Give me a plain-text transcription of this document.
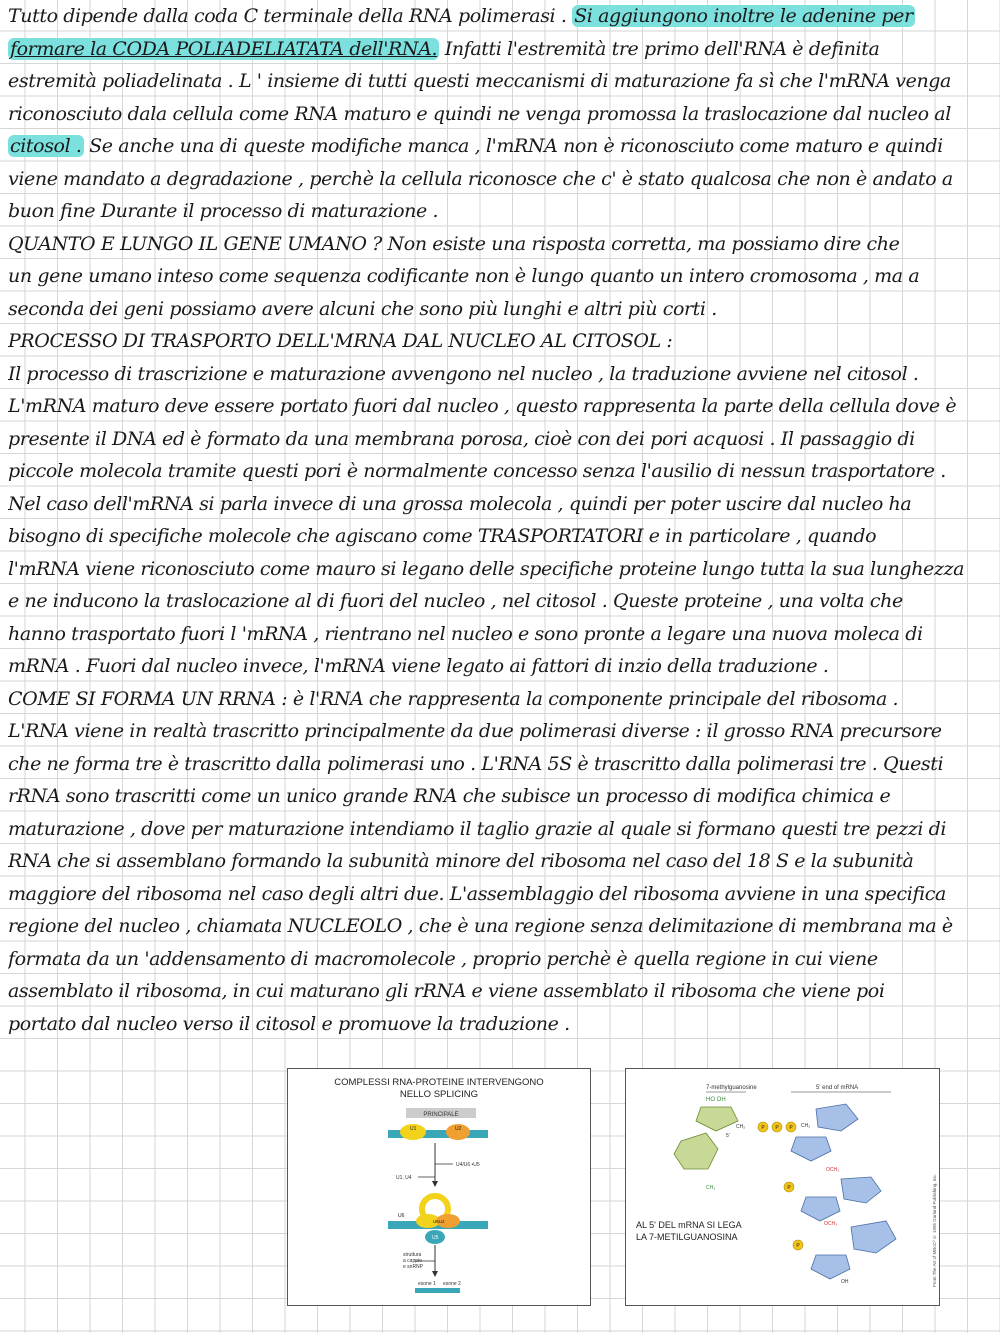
Tutto dipende dalla coda C terminale della RNA polimerasi . Si aggiungono inoltre le adenine per
formare la CODA POLIADELIATATA dell'RNA. Infatti l'estremità tre primo dell'RNA è definita
estremità poliadelinata . L ' insieme di tutti questi meccanismi di maturazione fa sì che l'mRNA venga
riconosciuto dala cellula come RNA maturo e quindi ne venga promossa la traslocazione dal nucleo al
citosol . Se anche una di queste modifiche manca , l'mRNA non è riconosciuto come maturo e quindi
viene mandato a degradazione , perchè la cellula riconosce che c' è stato qualcosa che non è andato a
buon fine Durante il processo di maturazione .
QUANTO E LUNGO IL GENE UMANO ? Non esiste una risposta corretta, ma possiamo dire che
un gene umano inteso come sequenza codificante non è lungo quanto un intero cromosoma , ma a
seconda dei geni possiamo avere alcuni che sono più lunghi e altri più corti .
PROCESSO DI TRASPORTO DELL'MRNA DAL NUCLEO AL CITOSOL :
Il processo di trascrizione e maturazione avvengono nel nucleo , la traduzione avviene nel citosol .
L'mRNA maturo deve essere portato fuori dal nucleo , questo rappresenta la parte della cellula dove è
presente il DNA ed è formato da una membrana porosa, cioè con dei pori acquosi . Il passaggio di
piccole molecola tramite questi pori è normalmente concesso senza l'ausilio di nessun trasportatore .
Nel caso dell'mRNA si parla invece di una grossa molecola , quindi per poter uscire dal nucleo ha
bisogno di specifiche molecole che agiscano come TRASPORTATORI e in particolare , quando
l'mRNA viene riconosciuto come mauro si legano delle specifiche proteine lungo tutta la sua lunghezza
e ne inducono la traslocazione al di fuori del nucleo , nel citosol . Queste proteine , una volta che
hanno trasportato fuori l 'mRNA , rientrano nel nucleo e sono pronte a legare una nuova moleca di
mRNA . Fuori dal nucleo invece, l'mRNA viene legato ai fattori di inzio della traduzione .
COME SI FORMA UN RRNA : è l'RNA che rappresenta la componente principale del ribosoma .
L'RNA viene in realtà trascritto principalmente da due polimerasi diverse : il grosso RNA precursore
che ne forma tre è trascritto dalla polimerasi uno . L'RNA 5S è trascritto dalla polimerasi tre . Questi
rRNA sono trascritti come un unico grande RNA che subisce un processo di modifica chimica e
maturazione , dove per maturazione intendiamo il taglio grazie al quale si formano questi tre pezzi di
RNA che si assemblano formando la subunità minore del ribosoma nel caso del 18 S e la subunità
maggiore del ribosoma nel caso degli altri due. L'assemblaggio del ribosoma avviene in una specifica
regione del nucleo , chiamata NUCLEOLO , che è una regione senza delimitazione di membrana ma è
formata da un 'addensamento di macromolecole , proprio perchè è quella regione in cui viene
assemblato il ribosoma, in cui maturano gli rRNA e viene assemblato il ribosoma che viene poi
portato dal nucleo verso il citosol e promuove la traduzione .
COMPLESSI RNA-PROTEINE INTERVENGONO
NELLO SPLICING
PRINCIPALE
U1	U2
U4/U6 •U5
U1, U4
U6U2
U6
U5
struttura
a cappio
e snRNP
esone 1 esone 2
7-methylguanosine	5' end of mRNA
HO OH
CH₂
5'
CH₃
P P P CH₂
OCH₃
P
OCH₃
P
OH
AL 5' DEL mRNA SI LEGA
LA 7-METILGUANOSINA	From The Art of MBoC³ © 1995 Garland Publishing, Inc.
